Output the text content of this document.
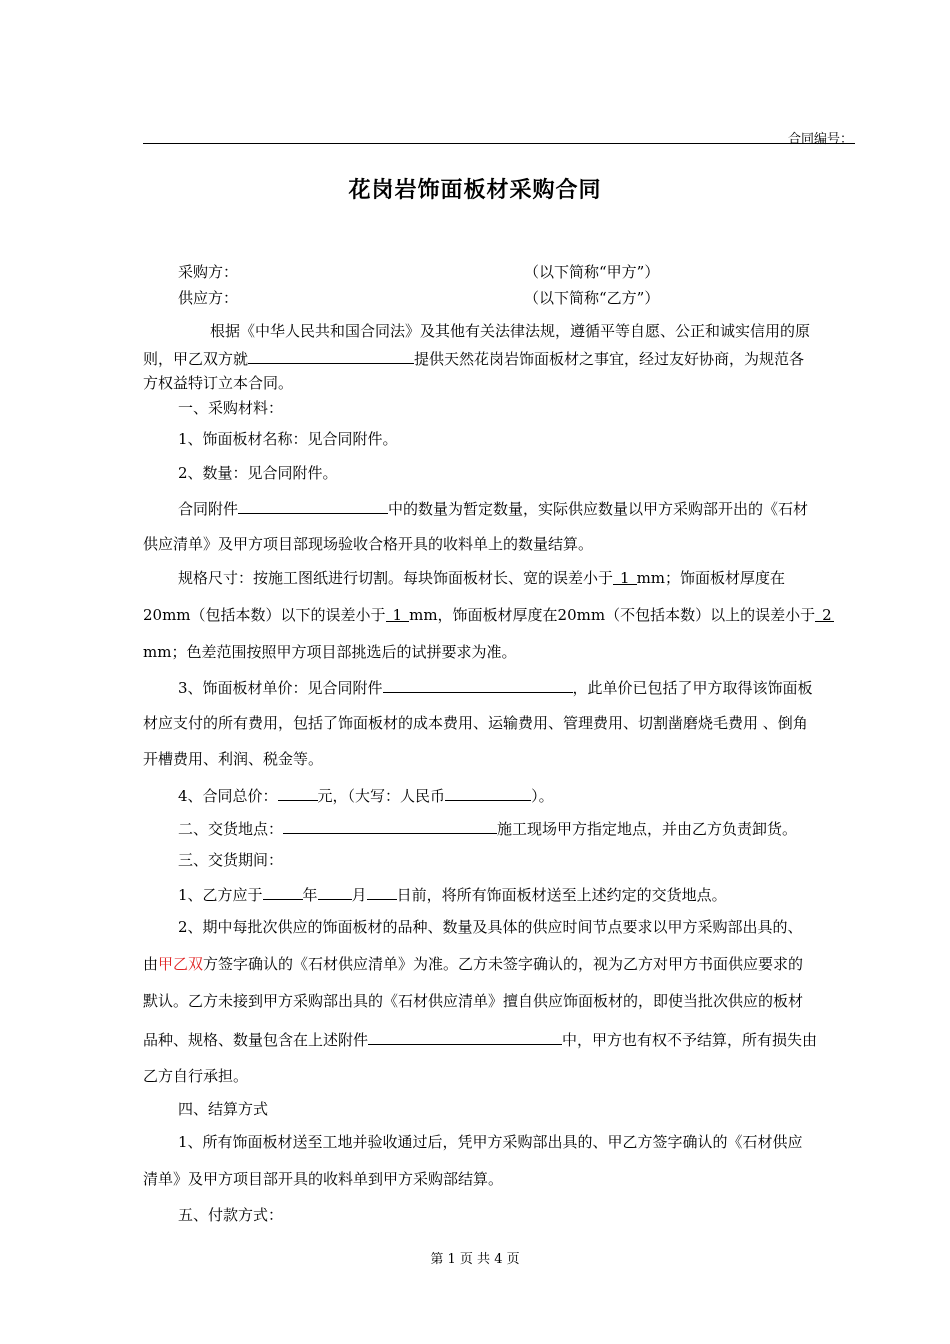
合同编号：
花岗岩饰面板材采购合同
采购方：	（以下简称“甲方”）
供应方：	（以下简称“乙方”）
根据《中华人民共和国合同法》及其他有关法律法规，遵循平等自愿、公正和诚实信用的原
则，甲乙双方就	提供天然花岗岩饰面板材之事宜，经过友好协商，为规范各
方权益特订立本合同。
一、采购材料：
1、饰面板材名称：见合同附件。
2、数量：见合同附件。
合同附件	中的数量为暂定数量，实际供应数量以甲方采购部开出的《石材
供应清单》及甲方项目部现场验收合格开具的收料单上的数量结算。
规格尺寸：按施工图纸进行切割。每块饰面板材长、宽的误差小于 1 mm；饰面板材厚度在
20mm（包括本数）以下的误差小于 1 mm，饰面板材厚度在20mm（不包括本数）以上的误差小于 2
mm；色差范围按照甲方项目部挑选后的试拼要求为准。
3、饰面板材单价：见合同附件	，此单价已包括了甲方取得该饰面板
材应支付的所有费用，包括了饰面板材的成本费用、运输费用、管理费用、切割凿磨烧毛费用 、倒角
开槽费用、利润、税金等。
4、合同总价：	元，（大写：人民币	）。
二、交货地点：	施工现场甲方指定地点，并由乙方负责卸货。
三、交货期间：
1、乙方应于	年 月 日前，将所有饰面板材送至上述约定的交货地点。
2、期中每批次供应的饰面板材的品种、数量及具体的供应时间节点要求以甲方采购部出具的、
由甲乙双方签字确认的《石材供应清单》为准。乙方未签字确认的，视为乙方对甲方书面供应要求的
默认。乙方未接到甲方采购部出具的《石材供应清单》擅自供应饰面板材的，即使当批次供应的板材
品种、规格、数量包含在上述附件	中，甲方也有权不予结算，所有损失由
乙方自行承担。
四、结算方式
1、所有饰面板材送至工地并验收通过后，凭甲方采购部出具的、甲乙方签字确认的《石材供应
清单》及甲方项目部开具的收料单到甲方采购部结算。
五、付款方式：
第 1 页 共 4 页
